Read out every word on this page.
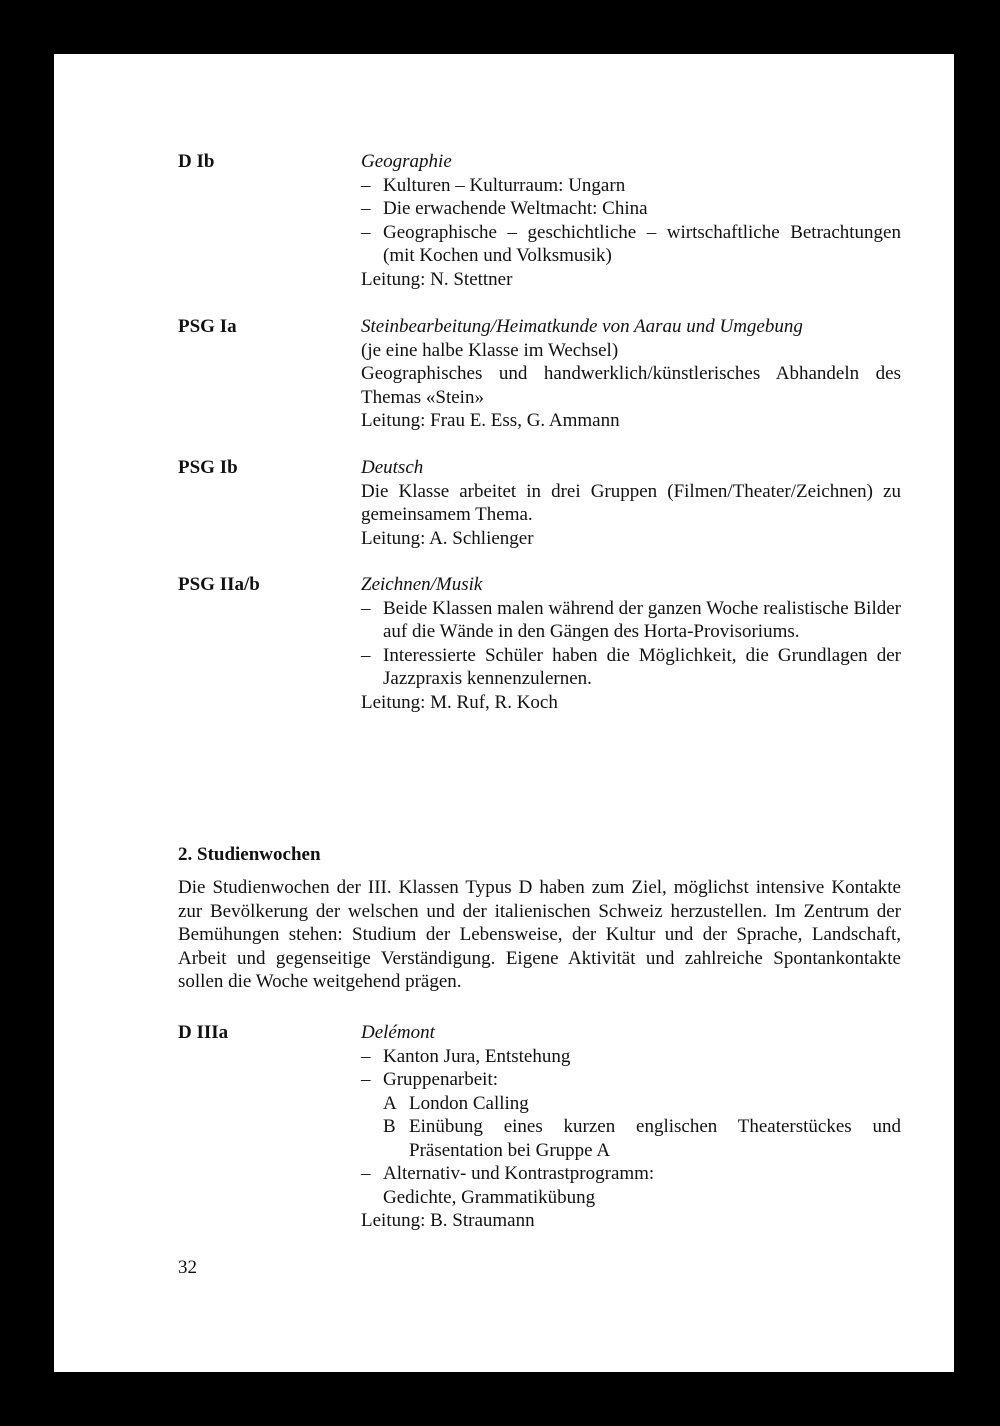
D Ib	Geographie
– Kulturen – Kulturraum: Ungarn
– Die erwachende Weltmacht: China
– Geographische – geschichtliche – wirtschaftliche Betrachtungen (mit Kochen und Volksmusik)
Leitung: N. Stettner
PSG Ia	Steinbearbeitung/Heimatkunde von Aarau und Umgebung
(je eine halbe Klasse im Wechsel)
Geographisches und handwerklich/künstlerisches Abhandeln des Themas «Stein»
Leitung: Frau E. Ess, G. Ammann
PSG Ib	Deutsch
Die Klasse arbeitet in drei Gruppen (Filmen/Theater/Zeichnen) zu gemeinsamem Thema.
Leitung: A. Schlienger
PSG IIa/b	Zeichnen/Musik
– Beide Klassen malen während der ganzen Woche realistische Bilder auf die Wände in den Gängen des Horta-Provisoriums.
– Interessierte Schüler haben die Möglichkeit, die Grundlagen der Jazzpraxis kennenzulernen.
Leitung: M. Ruf, R. Koch
2. Studienwochen
Die Studienwochen der III. Klassen Typus D haben zum Ziel, möglichst intensive Kontakte zur Bevölkerung der welschen und der italienischen Schweiz herzustellen. Im Zentrum der Bemühungen stehen: Studium der Lebensweise, der Kultur und der Sprache, Landschaft, Arbeit und gegenseitige Verständigung. Eigene Aktivität und zahlreiche Spontankontakte sollen die Woche weitgehend prägen.
D IIIa	Delémont
– Kanton Jura, Entstehung
– Gruppenarbeit:
A London Calling
B Einübung eines kurzen englischen Theaterstückes und Präsentation bei Gruppe A
– Alternativ- und Kontrastprogramm:
Gedichte, Grammatikübung
Leitung: B. Straumann
32
